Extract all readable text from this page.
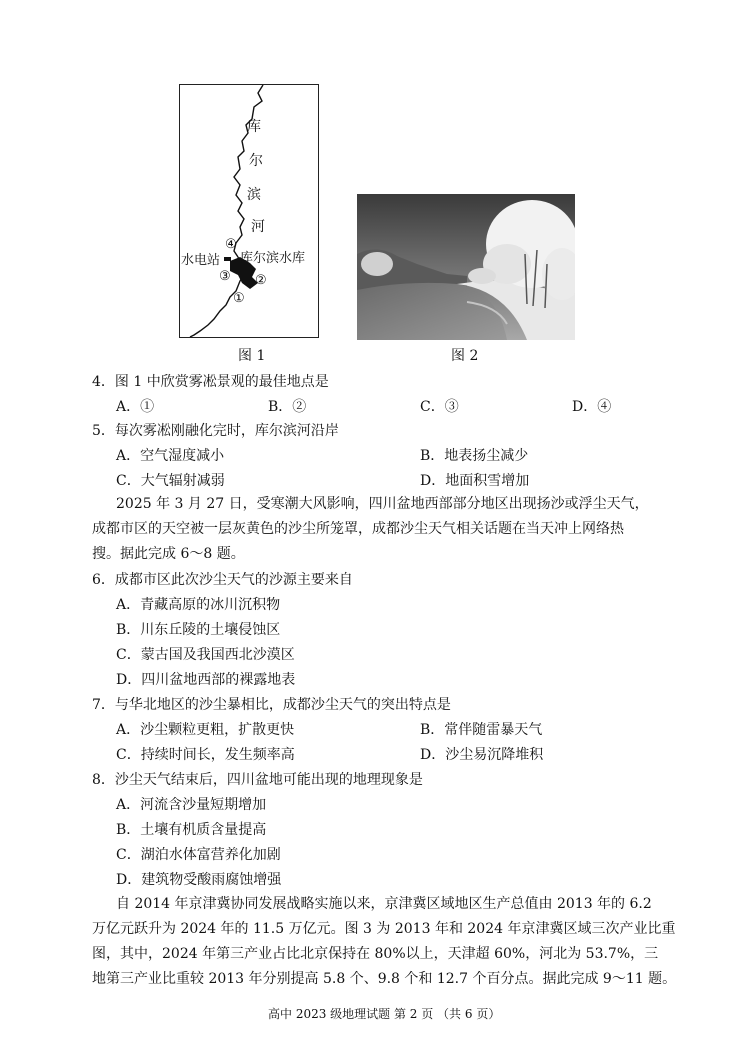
库
尔
滨
河
④
水电站 库尔滨水库
③ ②
①
图 1	图 2
4．图 1 中欣赏雾凇景观的最佳地点是
A．①	B．②	C．③	D．④
5．每次雾凇刚融化完时，库尔滨河沿岸
A．空气湿度减小	B．地表扬尘减少
C．大气辐射减弱	D．地面积雪增加
2025 年 3 月 27 日，受寒潮大风影响，四川盆地西部部分地区出现扬沙或浮尘天气，
成都市区的天空被一层灰黄色的沙尘所笼罩，成都沙尘天气相关话题在当天冲上网络热
搜。据此完成 6～8 题。
6．成都市区此次沙尘天气的沙源主要来自
A．青藏高原的冰川沉积物
B．川东丘陵的土壤侵蚀区
C．蒙古国及我国西北沙漠区
D．四川盆地西部的裸露地表
7．与华北地区的沙尘暴相比，成都沙尘天气的突出特点是
A．沙尘颗粒更粗，扩散更快	B．常伴随雷暴天气
C．持续时间长，发生频率高	D．沙尘易沉降堆积
8．沙尘天气结束后，四川盆地可能出现的地理现象是
A．河流含沙量短期增加
B．土壤有机质含量提高
C．湖泊水体富营养化加剧
D．建筑物受酸雨腐蚀增强
自 2014 年京津冀协同发展战略实施以来，京津冀区域地区生产总值由 2013 年的 6.2
万亿元跃升为 2024 年的 11.5 万亿元。图 3 为 2013 年和 2024 年京津冀区域三次产业比重
图，其中，2024 年第三产业占比北京保持在 80%以上，天津超 60%，河北为 53.7%，三
地第三产业比重较 2013 年分别提高 5.8 个、9.8 个和 12.7 个百分点。据此完成 9～11 题。
高中 2023 级地理试题 第 2 页 （共 6 页）
